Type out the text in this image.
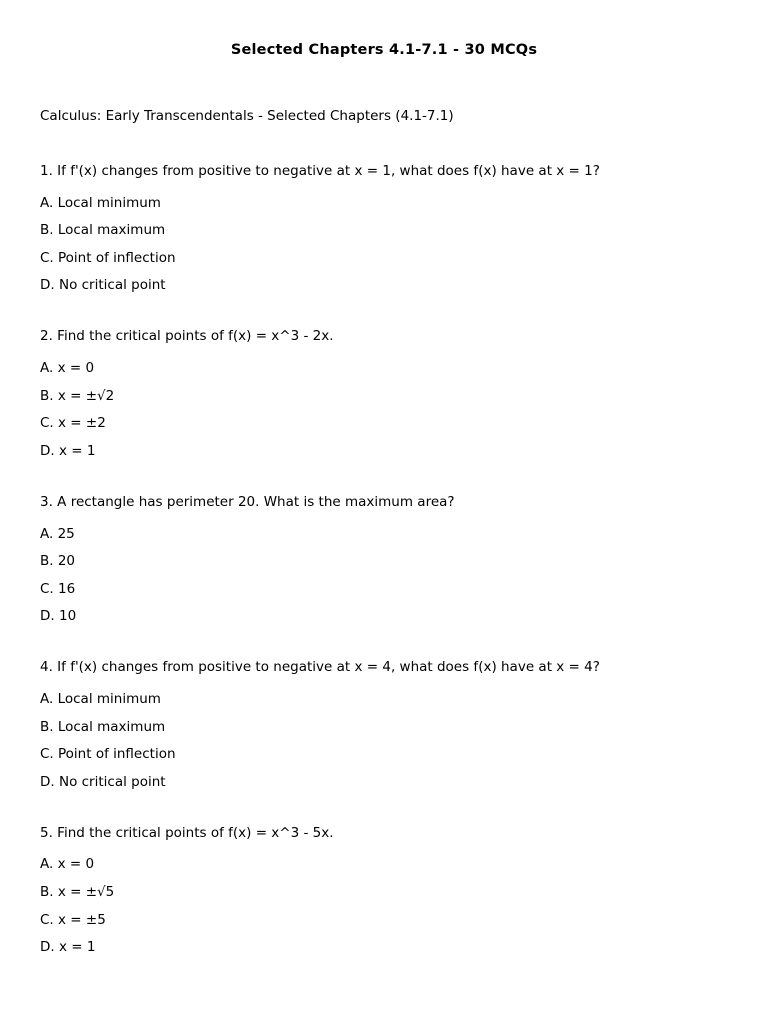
Selected Chapters 4.1-7.1 - 30 MCQs
Calculus: Early Transcendentals - Selected Chapters (4.1-7.1)
1. If f'(x) changes from positive to negative at x = 1, what does f(x) have at x = 1?
A. Local minimum
B. Local maximum
C. Point of inflection
D. No critical point
2. Find the critical points of f(x) = x^3 - 2x.
A. x = 0
B. x = ±√2
C. x = ±2
D. x = 1
3. A rectangle has perimeter 20. What is the maximum area?
A. 25
B. 20
C. 16
D. 10
4. If f'(x) changes from positive to negative at x = 4, what does f(x) have at x = 4?
A. Local minimum
B. Local maximum
C. Point of inflection
D. No critical point
5. Find the critical points of f(x) = x^3 - 5x.
A. x = 0
B. x = ±√5
C. x = ±5
D. x = 1
